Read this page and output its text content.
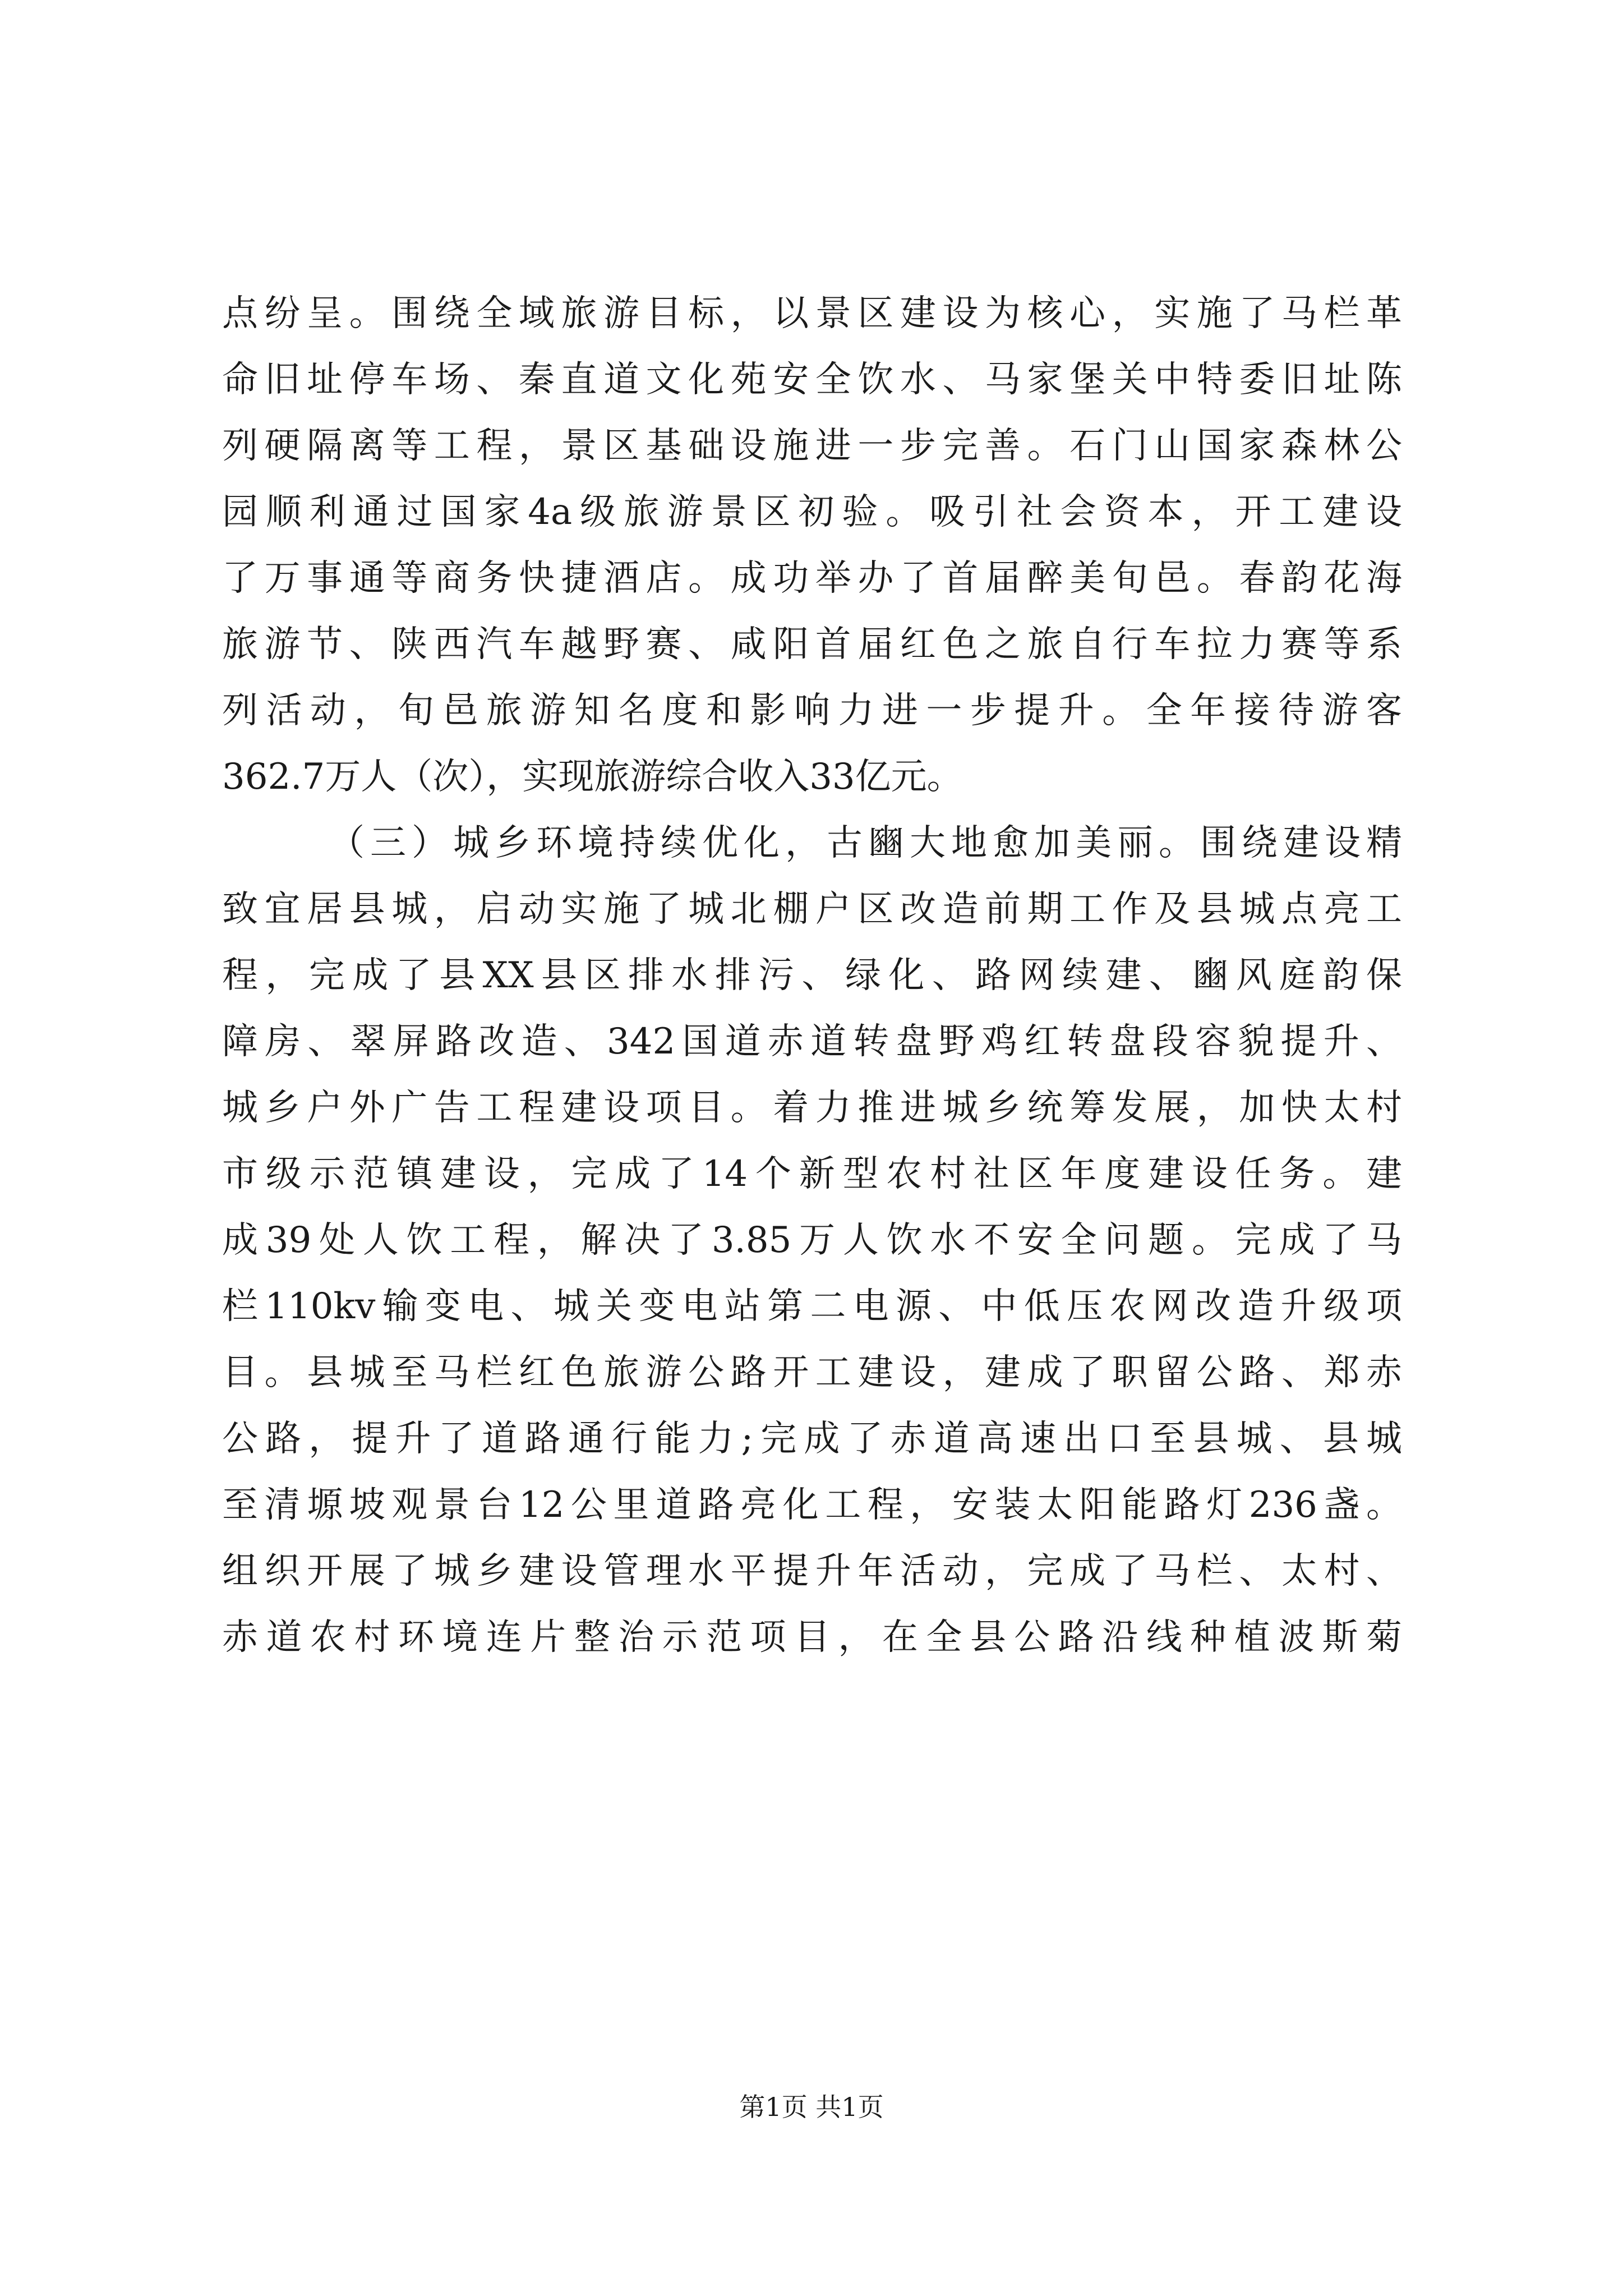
点纷呈。围绕全域旅游目标，以景区建设为核心，实施了马栏革
命旧址停车场、秦直道文化苑安全饮水、马家堡关中特委旧址陈
列硬隔离等工程，景区基础设施进一步完善。石门山国家森林公
园顺利通过国家4a级旅游景区初验。吸引社会资本，开工建设
了万事通等商务快捷酒店。成功举办了首届醉美旬邑。春韵花海
旅游节、陕西汽车越野赛、咸阳首届红色之旅自行车拉力赛等系
列活动，旬邑旅游知名度和影响力进一步提升。全年接待游客
362.7万人（次），实现旅游综合收入33亿元。
（三）城乡环境持续优化，古豳大地愈加美丽。围绕建设精
致宜居县城，启动实施了城北棚户区改造前期工作及县城点亮工
程，完成了县XX县区排水排污、绿化、路网续建、豳风庭韵保
障房、翠屏路改造、342国道赤道转盘野鸡红转盘段容貌提升、
城乡户外广告工程建设项目。着力推进城乡统筹发展，加快太村
市级示范镇建设，完成了14个新型农村社区年度建设任务。建
成39处人饮工程，解决了3.85万人饮水不安全问题。完成了马
栏110kv输变电、城关变电站第二电源、中低压农网改造升级项
目。县城至马栏红色旅游公路开工建设，建成了职留公路、郑赤
公路，提升了道路通行能力;完成了赤道高速出口至县城、县城
至清塬坡观景台12公里道路亮化工程，安装太阳能路灯236盏。
组织开展了城乡建设管理水平提升年活动，完成了马栏、太村、
赤道农村环境连片整治示范项目，在全县公路沿线种植波斯菊
第1页 共1页
